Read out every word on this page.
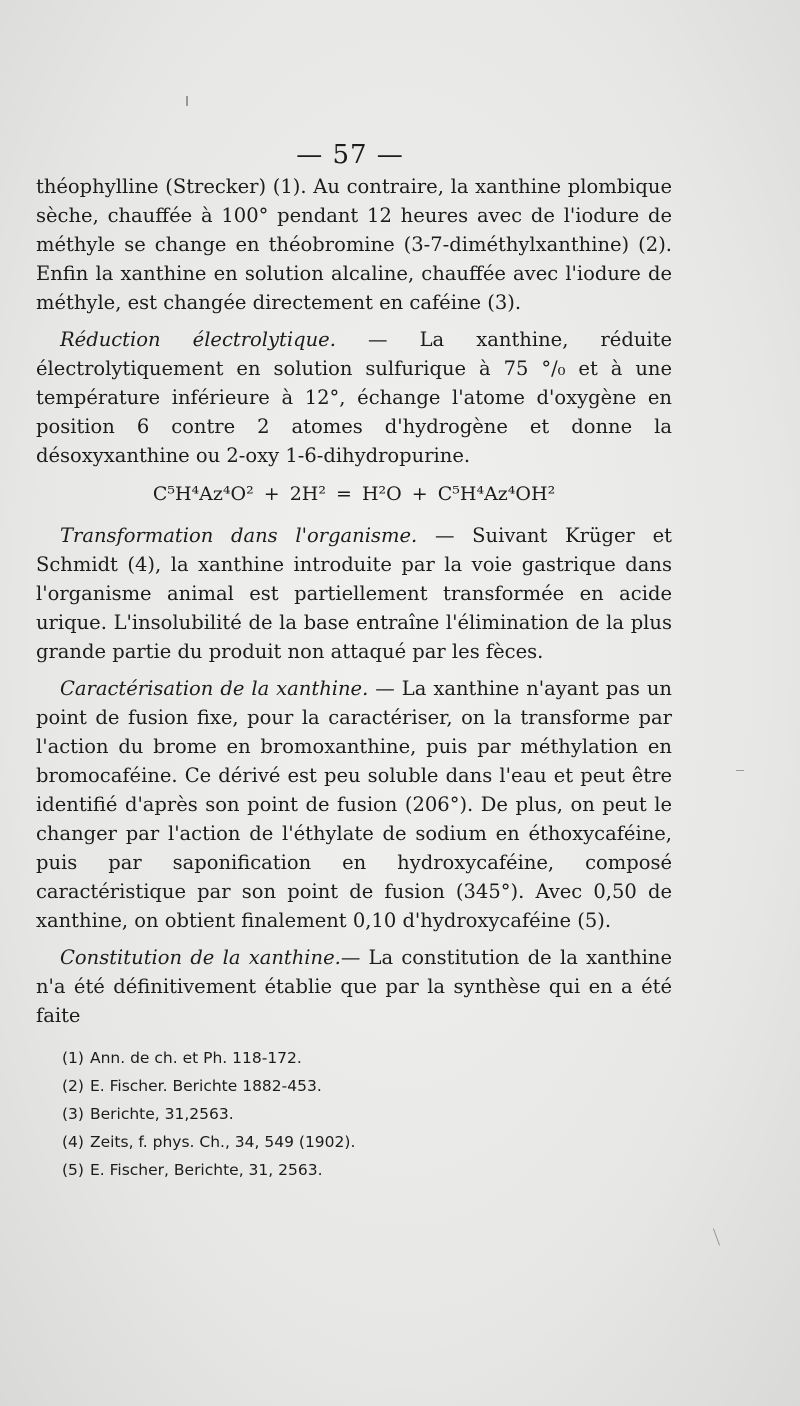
— 57 —

théophylline (Strecker) (1). Au contraire, la xanthine plombique sèche, chauffée à 100° pendant 12 heures avec de l'iodure de méthyle se change en théobromine (3-7-diméthylxanthine) (2). Enfin la xanthine en solution alcaline, chauffée avec l'iodure de méthyle, est changée directement en caféine (3).

Réduction électrolytique. — La xanthine, réduite électrolytiquement en solution sulfurique à 75 °/₀ et à une température inférieure à 12°, échange l'atome d'oxygène en position 6 contre 2 atomes d'hydrogène et donne la désoxyxanthine ou 2-oxy 1-6-dihydropurine.

C⁵H⁴Az⁴O² + 2H² = H²O + C⁵H⁴Az⁴OH²

Transformation dans l'organisme. — Suivant Krüger et Schmidt (4), la xanthine introduite par la voie gastrique dans l'organisme animal est partiellement transformée en acide urique. L'insolubilité de la base entraîne l'élimination de la plus grande partie du produit non attaqué par les fèces.

Caractérisation de la xanthine. — La xanthine n'ayant pas un point de fusion fixe, pour la caractériser, on la transforme par l'action du brome en bromoxanthine, puis par méthylation en bromocaféine. Ce dérivé est peu soluble dans l'eau et peut être identifié d'après son point de fusion (206°). De plus, on peut le changer par l'action de l'éthylate de sodium en éthoxycaféine, puis par saponification en hydroxycaféine, composé caractéristique par son point de fusion (345°). Avec 0,50 de xanthine, on obtient finalement 0,10 d'hydroxycaféine (5).

Constitution de la xanthine.— La constitution de la xanthine n'a été définitivement établie que par la synthèse qui en a été faite

(1) Ann. de ch. et Ph. 118-172.
(2) E. Fischer. Berichte 1882-453.
(3) Berichte, 31,2563.
(4) Zeits, f. phys. Ch., 34, 549 (1902).
(5) E. Fischer, Berichte, 31, 2563.
